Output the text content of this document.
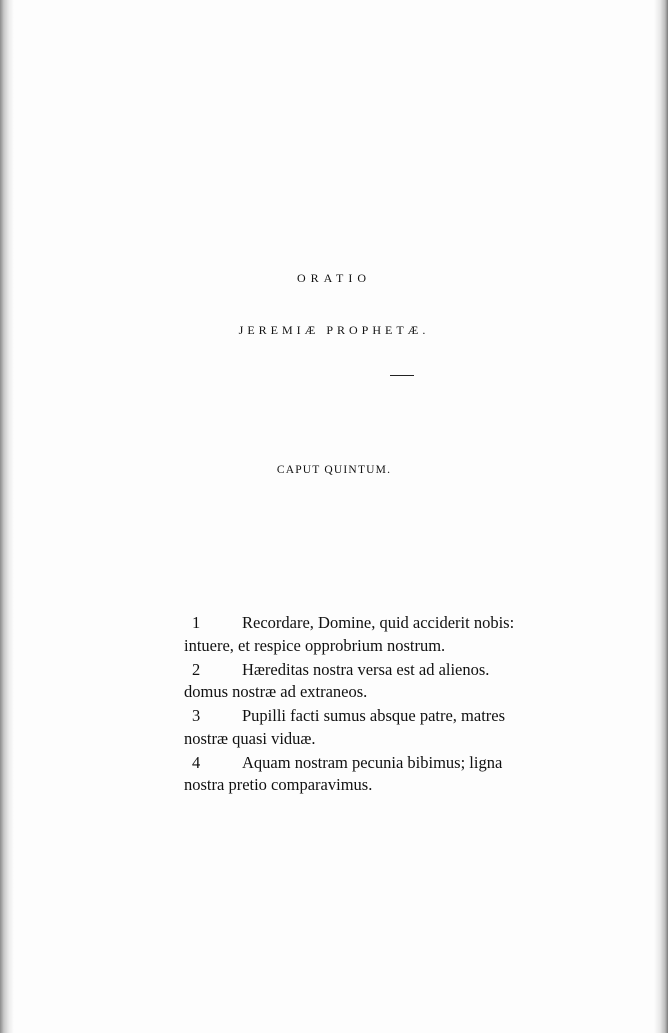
ORATIO
JEREMIÆ PROPHETÆ.
CAPUT QUINTUM.
1	Recordare, Domine, quid acciderit nobis:
intuere, et respice opprobrium nostrum.
2	Hæreditas nostra versa est ad alienos.
domus nostræ ad extraneos.
3	Pupilli facti sumus absque patre, matres
nostræ quasi viduæ.
4	Aquam nostram pecunia bibimus; ligna
nostra pretio comparavimus.
